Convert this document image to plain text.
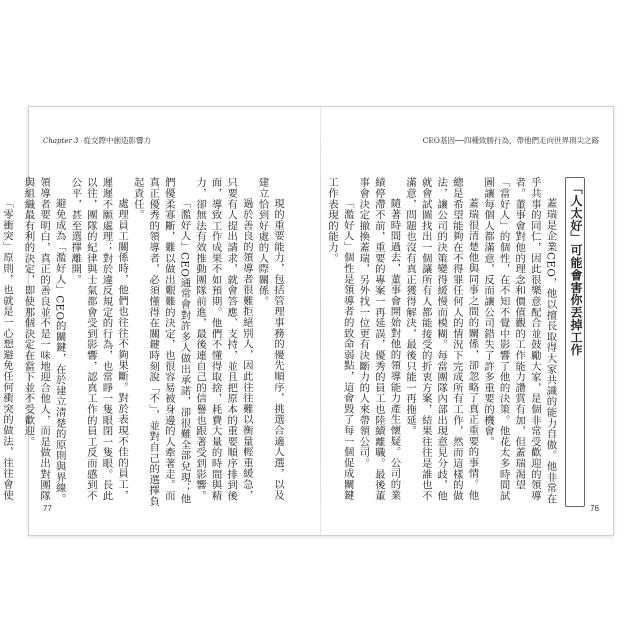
Chapter 3 從交際中創造影響力	CEO基因──四種致勝行為，帶他們走向世界頂尖之路

現的重要能力，包括管理事務的優先順序，挑選合適人選，以及建立恰到好處的人際關係。

過於善良的領導者很難拒絕別人，因此往往難以衡量輕重緩急，只要有人提出請求，就會答應、支持，並且把原本的重要順序排到後面，導致工作成果不如預期。他們不懂得取捨，耗費大量的時間與精力，卻無法有效推動團隊前進，最後連自己的信譽也跟著受到影響。

「濫好人」CEO通常會對許多人做出承諾，卻很難全部兌現；他們優柔寡斷，難以做出艱難的決定，也很容易被身邊的人牽著走。而真正優秀的領導者，必須懂得在關鍵時刻說「不」，並對自己的選擇負起責任。

處理員工關係時，他們也往往不夠果斷。對於表現不佳的員工，遲遲不願處理；對於違反規定的行為，也常睜一隻眼閉一隻眼。長此以往，團隊的紀律與士氣都會受到影響，認真工作的員工反而感到不公平，甚至選擇離開。

避免成為「濫好人」CEO的關鍵，在於建立清楚的原則與界線。領導者要明白，真正的善良並不是一味地迎合他人，而是做出對團隊與組織最有利的決定，即使那個決定在當下並不受歡迎。

「零衝突」原則，也就是一心想避免任何衝突的做法，往往會使

「人太好」可能會害你丟掉工作

蓋瑞是企業CEO，他以擅長取得大家共識的能力自傲。他非常在乎共事的同仁，因此很樂意配合並鼓勵大家，是個非常受歡迎的領導者。董事會對他的理念和價值觀的工作能力讚賞有加，但蓋瑞渴望「當好人」的個性，在不知不覺中影響了他的決策。他花太多時間試圖讓每個人都滿意，反而讓公司錯失了許多重要的機會。

蓋瑞很清楚他與同事之間的關係，卻忽略了真正重要的事情。他總是希望能夠在不得罪任何人的情況下完成所有工作，然而這樣的做法，讓公司的決策變得緩慢而模糊。每當團隊內部出現意見分歧，他就會試圖找出一個讓所有人都能接受的折衷方案，結果往往是誰也不滿意，問題也沒有真正獲得解決，最後只能一再拖延。

隨著時間過去，董事會開始對他的領導能力產生懷疑。公司的業績停滯不前，重要的專案一再延誤，優秀的員工也陸續離職。最後董事會決定撤換蓋瑞，另外找一位更有決斷力的人來帶領公司。

「濫好人」個性是領導者的致命弱點，這會毀了每一個促成關鍵工作表現的能力。

77	76
